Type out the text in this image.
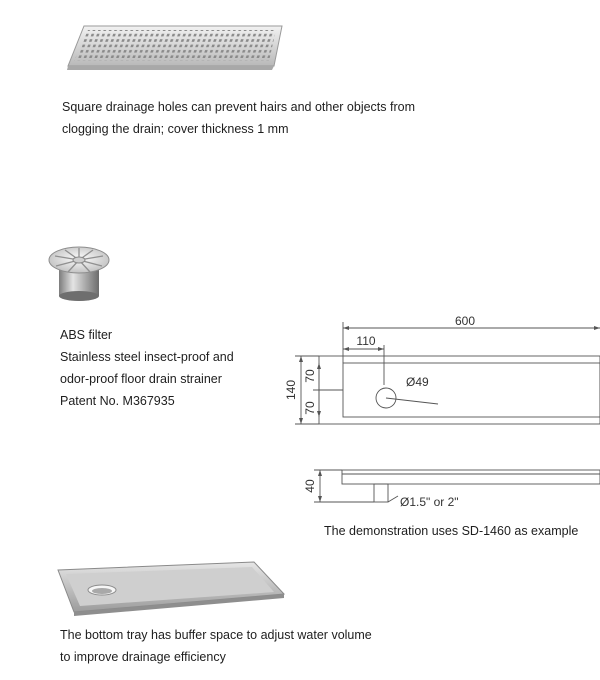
Square drainage holes can prevent hairs and other objects from
clogging the drain; cover thickness 1 mm
ABS filter
Stainless steel insect-proof and
odor-proof floor drain strainer
Patent No. M367935
600
110
Ø49
140
70
70
40
Ø1.5" or 2"
The demonstration uses SD-1460 as example
The bottom tray has buffer space to adjust water volume
to improve drainage efficiency
